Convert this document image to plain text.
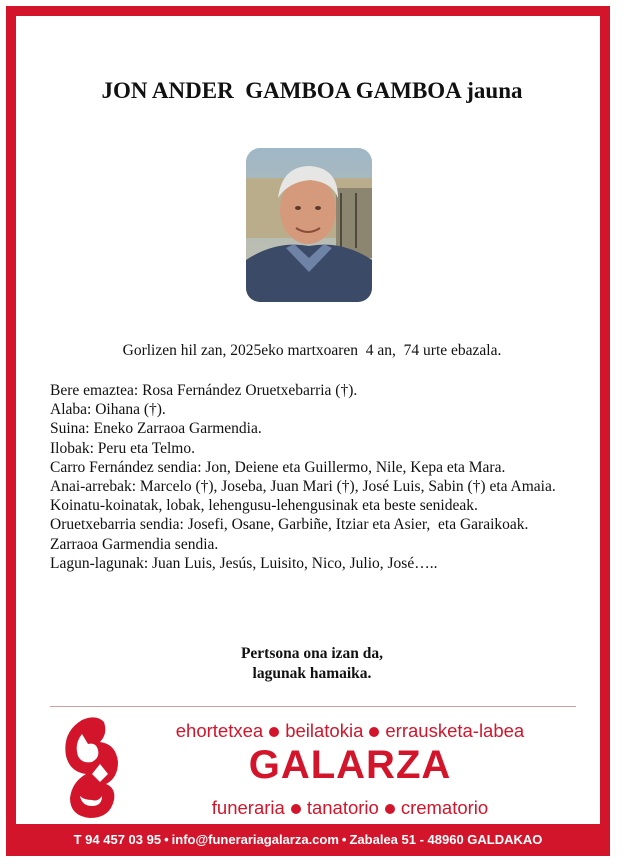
JON ANDER  GAMBOA GAMBOA jauna
Gorlizen hil zan, 2025eko martxoaren  4 an,  74 urte ebazala.
Bere emaztea: Rosa Fernández Oruetxebarria (†).
Alaba: Oihana (†).
Suina: Eneko Zarraoa Garmendia.
Ilobak: Peru eta Telmo.
Carro Fernández sendia: Jon, Deiene eta Guillermo, Nile, Kepa eta Mara.
Anai-arrebak: Marcelo (†), Joseba, Juan Mari (†), José Luis, Sabin (†) eta Amaia.
Koinatu-koinatak, lobak, lehengusu-lehengusinak eta beste senideak.
Oruetxebarria sendia: Josefi, Osane, Garbiñe, Itziar eta Asier,  eta Garaikoak.
Zarraoa Garmendia sendia.
Lagun-lagunak: Juan Luis, Jesús, Luisito, Nico, Julio, José…..
Pertsona ona izan da,
lagunak hamaika.
ehortetxea beilatokia errausketa-labea
GALARZA
funeraria tanatorio crematorio
T 94 457 03 95 • info@funerariagalarza.com • Zabalea 51 - 48960 GALDAKAO
